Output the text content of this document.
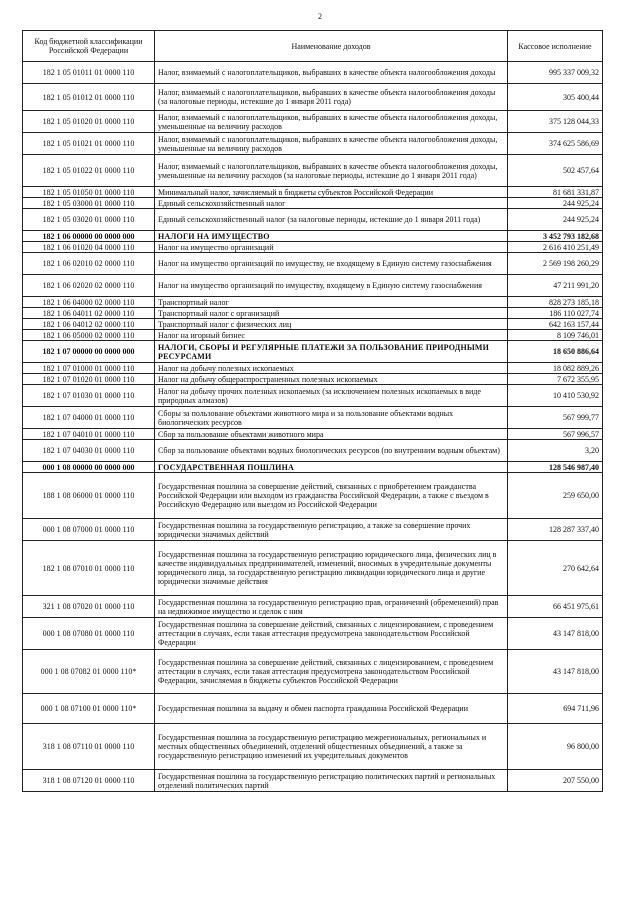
2
Код бюджетной классификации Российской Федерации	Наименование доходов	Кассовое исполнение
182 1 05 01011 01 0000 110	Налог, взимаемый с налогоплательщиков, выбравших в качестве объекта налогообложения доходы	995 337 009,32
182 1 05 01012 01 0000 110	Налог, взимаемый с налогоплательщиков, выбравших в качестве объекта налогообложения доходы (за налоговые периоды, истекшие до 1 января 2011 года)	305 400,44
182 1 05 01020 01 0000 110	Налог, взимаемый с налогоплательщиков, выбравших в качестве объекта налогообложения доходы, уменьшенные на величину расходов	375 128 044,33
182 1 05 01021 01 0000 110	Налог, взимаемый с налогоплательщиков, выбравших в качестве объекта налогообложения доходы, уменьшенные на величину расходов	374 625 586,69
182 1 05 01022 01 0000 110	Налог, взимаемый с налогоплательщиков, выбравших в качестве объекта налогообложения доходы, уменьшенные на величину расходов (за налоговые периоды, истекшие до 1 января 2011 года)	502 457,64
182 1 05 01050 01 0000 110	Минимальный налог, зачисляемый в бюджеты субъектов Российской Федерации	81 681 331,87
182 1 05 03000 01 0000 110	Единый сельскохозяйственный налог	244 925,24
182 1 05 03020 01 0000 110	Единый сельскохозяйственный налог (за налоговые периоды, истекшие до 1 января 2011 года)	244 925,24
182 1 06 00000 00 0000 000	НАЛОГИ НА ИМУЩЕСТВО	3 452 793 182,68
182 1 06 01020 04 0000 110	Налог на имущество организаций	2 616 410 251,49
182 1 06 02010 02 0000 110	Налог на имущество организаций по имуществу, не входящему в Единую систему газоснабжения	2 569 198 260,29
182 1 06 02020 02 0000 110	Налог на имущество организаций по имуществу, входящему в Единую систему газоснабжения	47 211 991,20
182 1 06 04000 02 0000 110	Транспортный налог	828 273 185,18
182 1 06 04011 02 0000 110	Транспортный налог с организаций	186 110 027,74
182 1 06 04012 02 0000 110	Транспортный налог с физических лиц	642 163 157,44
182 1 06 05000 02 0000 110	Налог на игорный бизнес	8 109 746,01
182 1 07 00000 00 0000 000	НАЛОГИ, СБОРЫ И РЕГУЛЯРНЫЕ ПЛАТЕЖИ ЗА ПОЛЬЗОВАНИЕ ПРИРОДНЫМИ РЕСУРСАМИ	18 650 886,64
182 1 07 01000 01 0000 110	Налог на добычу полезных ископаемых	18 082 889,26
182 1 07 01020 01 0000 110	Налог на добычу общераспространенных полезных ископаемых	7 672 355,95
182 1 07 01030 01 0000 110	Налог на добычу прочих полезных ископаемых (за исключением полезных ископаемых в виде природных алмазов)	10 410 530,92
182 1 07 04000 01 0000 110	Сборы за пользование объектами животного мира и за пользование объектами водных биологических ресурсов	567 999,77
182 1 07 04010 01 0000 110	Сбор за пользование объектами животного мира	567 996,57
182 1 07 04030 01 0000 110	Сбор за пользование объектами водных биологических ресурсов (по внутренним водным объектам)	3,20
000 1 08 00000 00 0000 000	ГОСУДАРСТВЕННАЯ ПОШЛИНА	128 546 987,40
188 1 08 06000 01 0000 110	Государственная пошлина за совершение действий, связанных с приобретением гражданства Российской Федерации или выходом из гражданства Российской Федерации, а также с въездом в Российскую Федерацию или выездом из Российской Федерации	259 650,00
000 1 08 07000 01 0000 110	Государственная пошлина за государственную регистрацию, а также за совершение прочих юридически значимых действий	128 287 337,40
182 1 08 07010 01 0000 110	Государственная пошлина за государственную регистрацию юридического лица, физических лиц в качестве индивидуальных предпринимателей, изменений, вносимых в учредительные документы юридического лица, за государственную регистрацию ликвидации юридического лица и другие юридически значимые действия	270 642,64
321 1 08 07020 01 0000 110	Государственная пошлина за государственную регистрацию прав, ограничений (обременений) прав на недвижимое имущество и сделок с ним	66 451 975,61
000 1 08 07080 01 0000 110	Государственная пошлина за совершение действий, связанных с лицензированием, с проведением аттестации в случаях, если такая аттестация предусмотрена законодательством Российской Федерации	43 147 818,00
000 1 08 07082 01 0000 110*	Государственная пошлина за совершение действий, связанных с лицензированием, с проведением аттестации в случаях, если такая аттестация предусмотрена законодательством Российской Федерации, зачисляемая в бюджеты субъектов Российской Федерации	43 147 818,00
000 1 08 07100 01 0000 110*	Государственная пошлина за выдачу и обмен паспорта гражданина Российской Федерации	694 711,96
318 1 08 07110 01 0000 110	Государственная пошлина за государственную регистрацию межрегиональных, региональных и местных общественных объединений, отделений общественных объединений, а также за государственную регистрацию изменений их учредительных документов	96 800,00
318 1 08 07120 01 0000 110	Государственная пошлина за государственную регистрацию политических партий и региональных отделений политических партий	207 550,00
